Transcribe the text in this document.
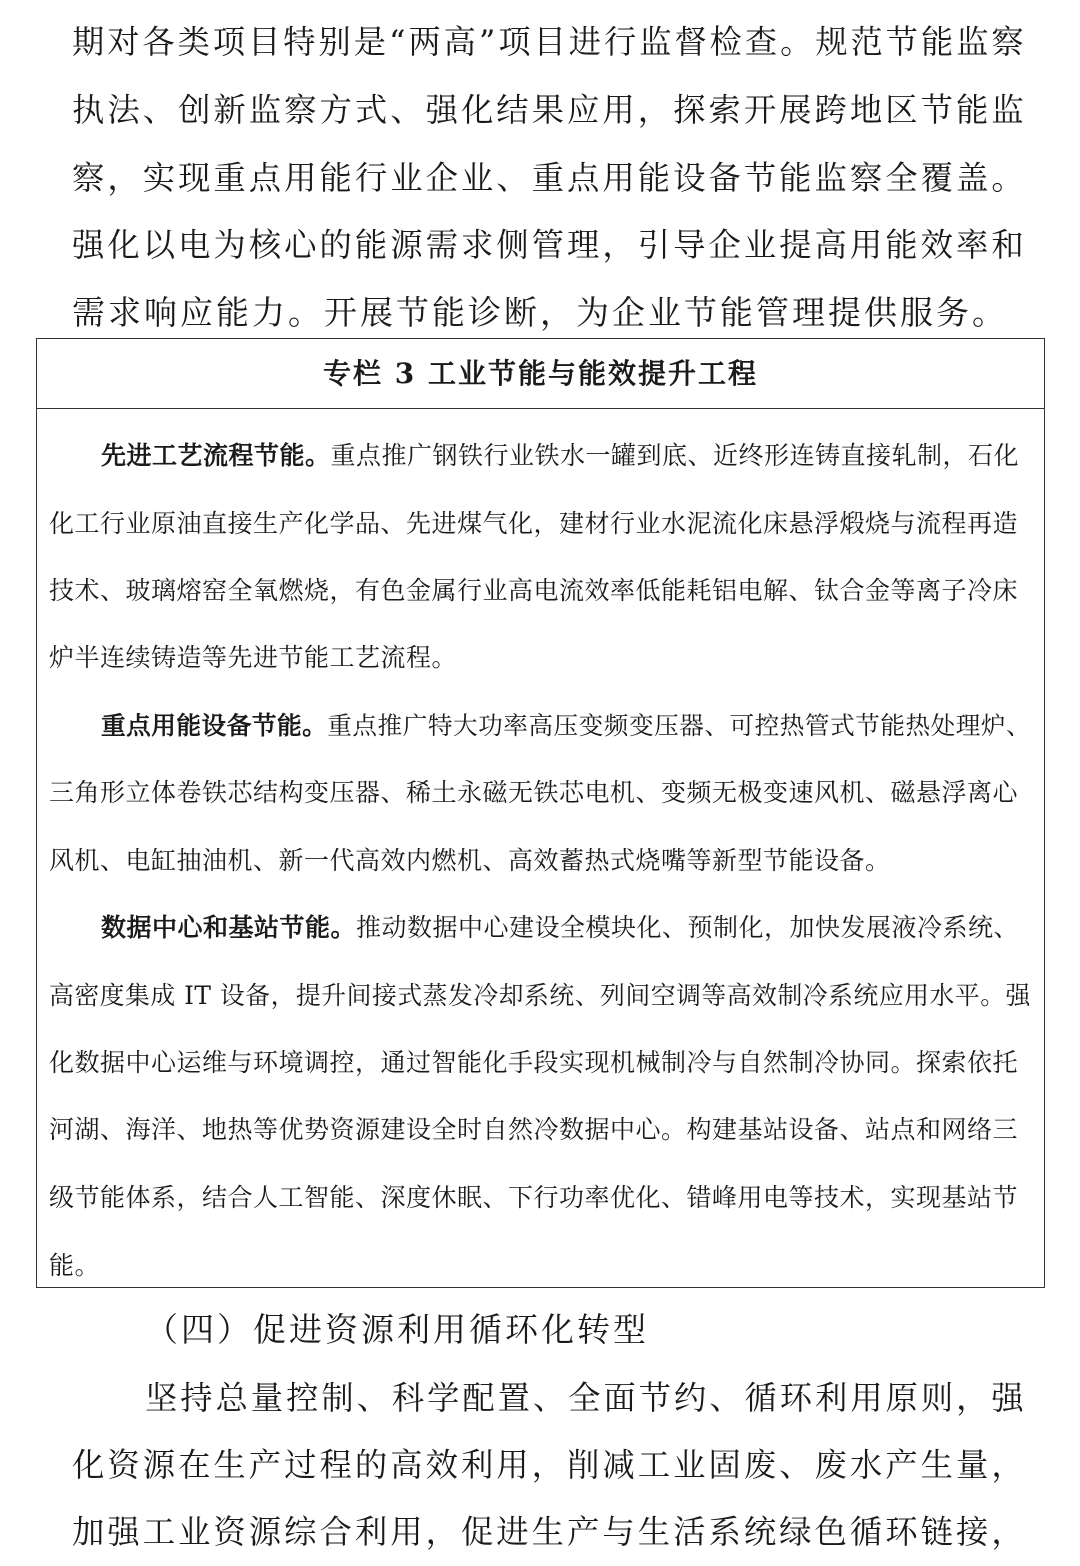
期对各类项目特别是“两高”项目进行监督检查。规范节能监察
执法、创新监察方式、强化结果应用，探索开展跨地区节能监
察，实现重点用能行业企业、重点用能设备节能监察全覆盖。
强化以电为核心的能源需求侧管理，引导企业提高用能效率和
需求响应能力。开展节能诊断，为企业节能管理提供服务。
专栏 3 工业节能与能效提升工程
先进工艺流程节能。重点推广钢铁行业铁水一罐到底、近终形连铸直接轧制，石化
化工行业原油直接生产化学品、先进煤气化，建材行业水泥流化床悬浮煅烧与流程再造
技术、玻璃熔窑全氧燃烧，有色金属行业高电流效率低能耗铝电解、钛合金等离子冷床
炉半连续铸造等先进节能工艺流程。
重点用能设备节能。重点推广特大功率高压变频变压器、可控热管式节能热处理炉、
三角形立体卷铁芯结构变压器、稀土永磁无铁芯电机、变频无极变速风机、磁悬浮离心
风机、电缸抽油机、新一代高效内燃机、高效蓄热式烧嘴等新型节能设备。
数据中心和基站节能。推动数据中心建设全模块化、预制化，加快发展液冷系统、
高密度集成 IT 设备，提升间接式蒸发冷却系统、列间空调等高效制冷系统应用水平。强
化数据中心运维与环境调控，通过智能化手段实现机械制冷与自然制冷协同。探索依托
河湖、海洋、地热等优势资源建设全时自然冷数据中心。构建基站设备、站点和网络三
级节能体系，结合人工智能、深度休眠、下行功率优化、错峰用电等技术，实现基站节
能。
（四）促进资源利用循环化转型
坚持总量控制、科学配置、全面节约、循环利用原则，强
化资源在生产过程的高效利用，削减工业固废、废水产生量，
加强工业资源综合利用，促进生产与生活系统绿色循环链接，
